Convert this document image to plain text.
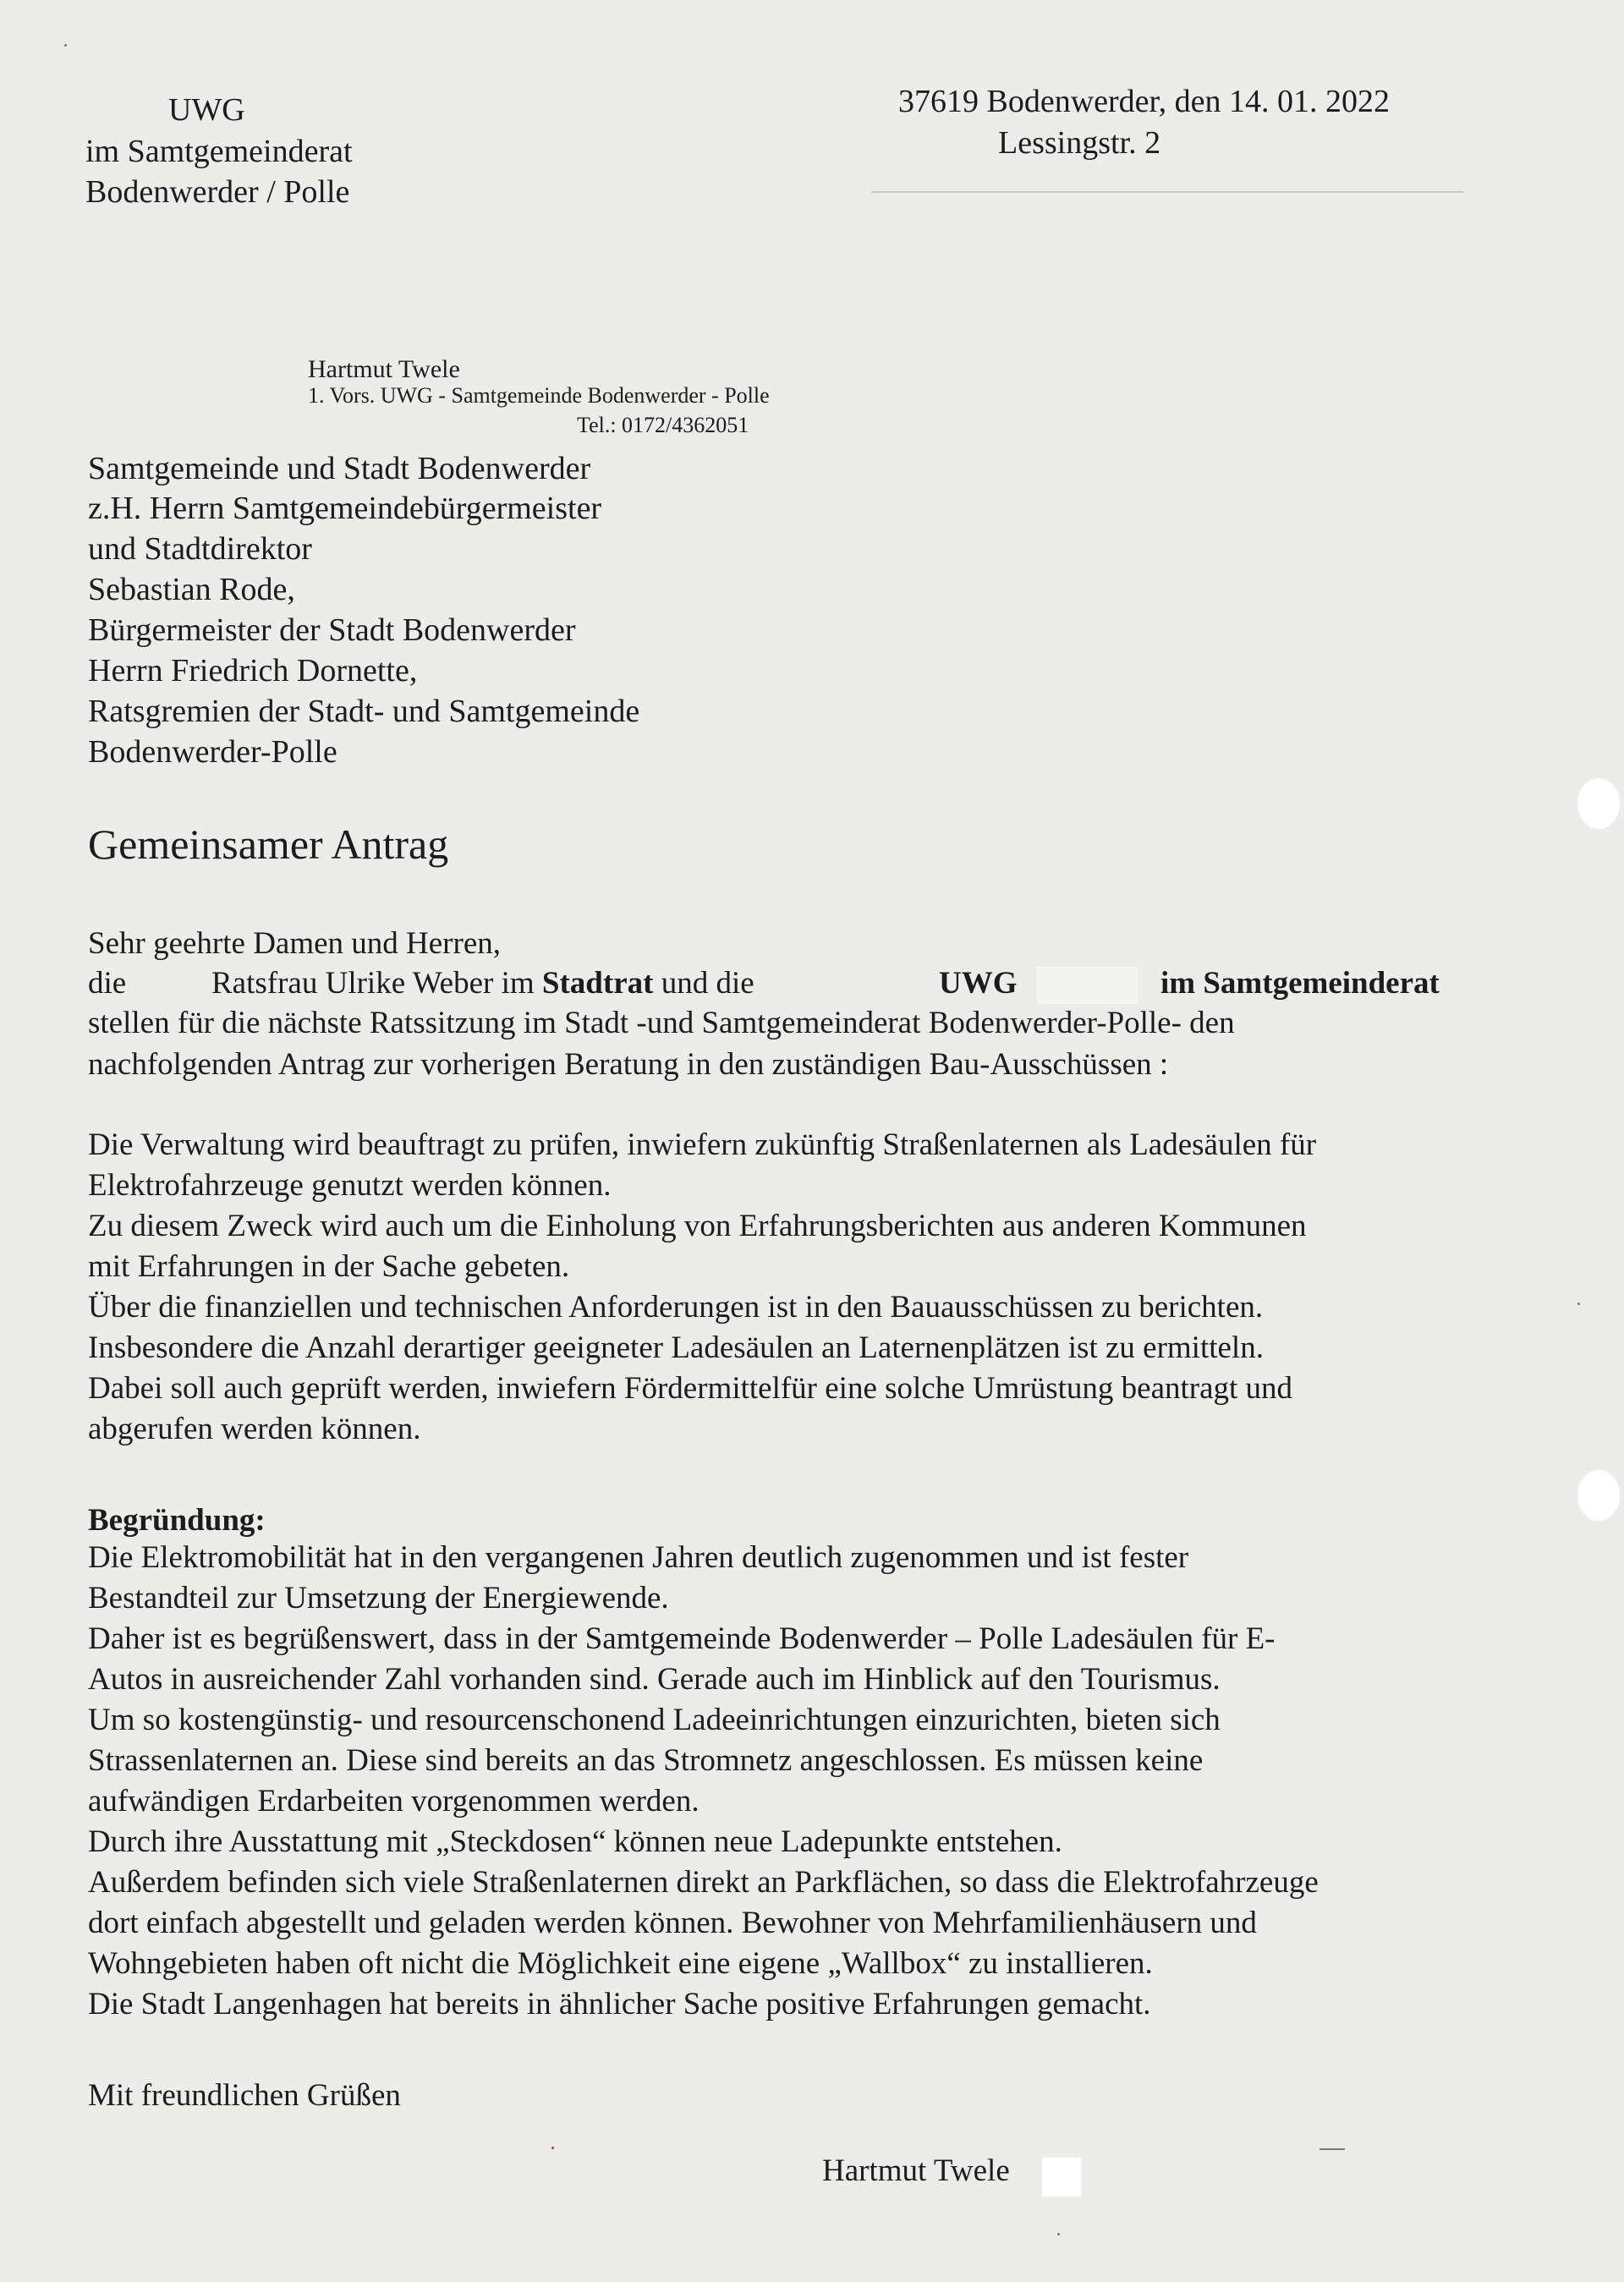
UWG
im Samtgemeinderat
Bodenwerder / Polle
37619 Bodenwerder, den 14. 01. 2022
Lessingstr. 2
Hartmut Twele
1. Vors. UWG - Samtgemeinde Bodenwerder - Polle
Tel.: 0172/4362051
Samtgemeinde und Stadt Bodenwerder
z.H. Herrn Samtgemeindebürgermeister
und Stadtdirektor
Sebastian Rode,
Bürgermeister der Stadt Bodenwerder
Herrn Friedrich Dornette,
Ratsgremien der Stadt- und Samtgemeinde
Bodenwerder-Polle
Gemeinsamer Antrag
Sehr geehrte Damen und Herren,
die	Ratsfrau Ulrike Weber im Stadtrat und die	UWG	im Samtgemeinderat
stellen für die nächste Ratssitzung im Stadt -und Samtgemeinderat Bodenwerder-Polle- den
nachfolgenden Antrag zur vorherigen Beratung in den zuständigen Bau-Ausschüssen :
Die Verwaltung wird beauftragt zu prüfen, inwiefern zukünftig Straßenlaternen als Ladesäulen für
Elektrofahrzeuge genutzt werden können.
Zu diesem Zweck wird auch um die Einholung von Erfahrungsberichten aus anderen Kommunen
mit Erfahrungen in der Sache gebeten.
Über die finanziellen und technischen Anforderungen ist in den Bauausschüssen zu berichten.
Insbesondere die Anzahl derartiger geeigneter Ladesäulen an Laternenplätzen ist zu ermitteln.
Dabei soll auch geprüft werden, inwiefern Fördermittelfür eine solche Umrüstung beantragt und
abgerufen werden können.
Begründung:
Die Elektromobilität hat in den vergangenen Jahren deutlich zugenommen und ist fester
Bestandteil zur Umsetzung der Energiewende.
Daher ist es begrüßenswert, dass in der Samtgemeinde Bodenwerder – Polle Ladesäulen für E-
Autos in ausreichender Zahl vorhanden sind. Gerade auch im Hinblick auf den Tourismus.
Um so kostengünstig- und resourcenschonend Ladeeinrichtungen einzurichten, bieten sich
Strassenlaternen an. Diese sind bereits an das Stromnetz angeschlossen. Es müssen keine
aufwändigen Erdarbeiten vorgenommen werden.
Durch ihre Ausstattung mit „Steckdosen“ können neue Ladepunkte entstehen.
Außerdem befinden sich viele Straßenlaternen direkt an Parkflächen, so dass die Elektrofahrzeuge
dort einfach abgestellt und geladen werden können. Bewohner von Mehrfamilienhäusern und
Wohngebieten haben oft nicht die Möglichkeit eine eigene „Wallbox“ zu installieren.
Die Stadt Langenhagen hat bereits in ähnlicher Sache positive Erfahrungen gemacht.
Mit freundlichen Grüßen
Hartmut Twele
